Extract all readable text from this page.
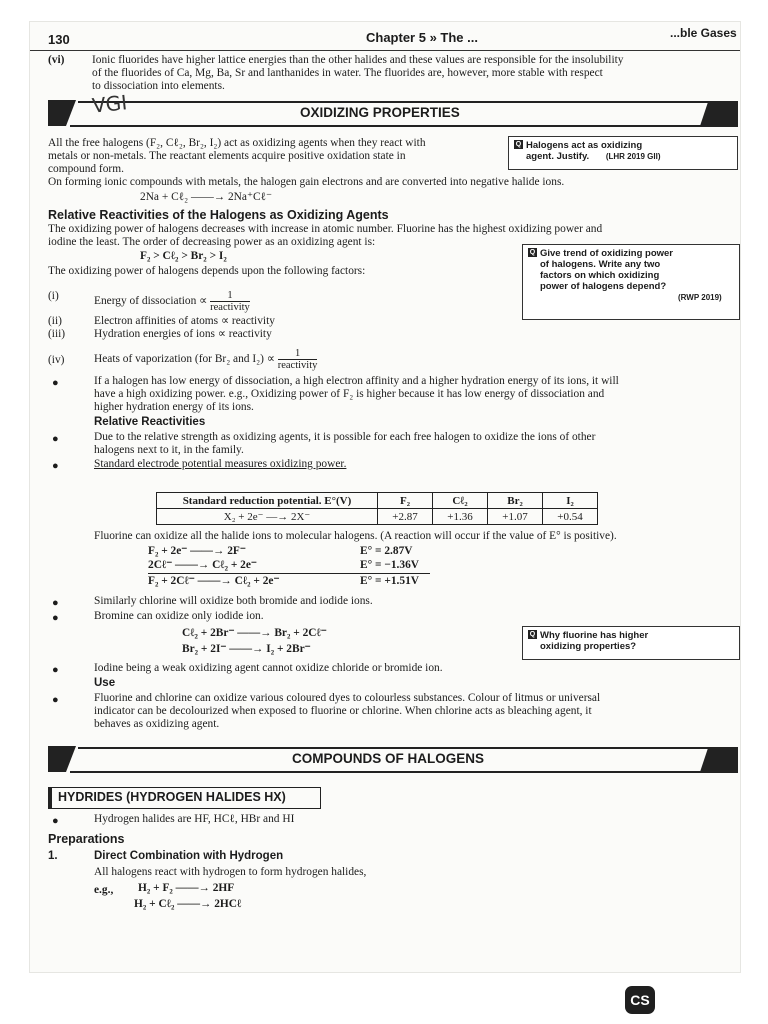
130	Chapter 5 » The ...	...ble Gases
(vi) Ionic fluorides have higher lattice energies than the other halides and these values are responsible for the insolubility
of the fluorides of Ca, Mg, Ba, Sr and lanthanides in water. The fluorides are, however, more stable with respect
to dissociation into elements.
VGI	OXIDIZING PROPERTIES
All the free halogens (F₂, Cℓ₂, Br₂, I₂) act as oxidizing agents when they react with
metals or non-metals. The reactant elements acquire positive oxidation state in
compound form.
On forming ionic compounds with metals, the halogen gain electrons and are converted into negative halide ions.
2Na + Cℓ₂ ——→ 2Na⁺Cℓ⁻
Q Halogens act as oxidizing
agent. Justify. (LHR 2019 GII)
Relative Reactivities of the Halogens as Oxidizing Agents
The oxidizing power of halogens decreases with increase in atomic number. Fluorine has the highest oxidizing power and
iodine the least. The order of decreasing power as an oxidizing agent is:
F₂ > Cℓ₂ > Br₂ > I₂
The oxidizing power of halogens depends upon the following factors:
(i)	Energy of dissociation ∝ $\frac{1}{\text{reactivity}}$
(ii)	Electron affinities of atoms ∝ reactivity
(iii)	Hydration energies of ions ∝ reactivity
(iv)	Heats of vaporization (for Br₂ and $I_2) \propto \frac{1}{\text{reactivity}}$
Q Give trend of oxidizing power
of halogens. Write any two
factors on which oxidizing
power of halogens depend?
(RWP 2019)
●	If a halogen has low energy of dissociation, a high electron affinity and a higher hydration energy of its ions, it will
have a high oxidizing power. e.g., Oxidizing power of F₂ is higher because it has low energy of dissociation and
higher hydration energy of its ions.
Relative Reactivities
●	Due to the relative strength as oxidizing agents, it is possible for each free halogen to oxidize the ions of other
halogens next to it, in the family.
●	Standard electrode potential measures oxidizing power.
Standard reduction potential. E°(V)	F₂	Cℓ₂	Br₂	I₂
X₂ + 2e⁻ —→ 2X⁻	+2.87	+1.36	+1.07	+0.54
Fluorine can oxidize all the halide ions to molecular halogens. (A reaction will occur if the value of E° is positive).
F₂ + 2e⁻ ——→ 2F⁻	E° = 2.87V
2Cℓ⁻ ——→ Cℓ₂ + 2e⁻	E° = −1.36V
F₂ + 2Cℓ⁻ ——→ Cℓ₂ + 2e⁻	E° = +1.51V
●	Similarly chlorine will oxidize both bromide and iodide ions.
●	Bromine can oxidize only iodide ion.
Cℓ₂ + 2Br⁻ ——→ Br₂ + 2Cℓ⁻
Br₂ + 2I⁻ ——→ I₂ + 2Br⁻
Q Why fluorine has higher
oxidizing properties?
●	Iodine being a weak oxidizing agent cannot oxidize chloride or bromide ion.
Use
●	Fluorine and chlorine can oxidize various coloured dyes to colourless substances. Colour of litmus or universal
indicator can be decolourized when exposed to fluorine or chlorine. When chlorine acts as bleaching agent, it
behaves as oxidizing agent.
COMPOUNDS OF HALOGENS
HYDRIDES (HYDROGEN HALIDES HX)
●	Hydrogen halides are HF, HCℓ, HBr and HI
Preparations
1.	Direct Combination with Hydrogen
All halogens react with hydrogen to form hydrogen halides,
e.g., H₂ + F₂ ——→ 2HF
H₂ + Cℓ₂ ——→ 2HCℓ
CS
